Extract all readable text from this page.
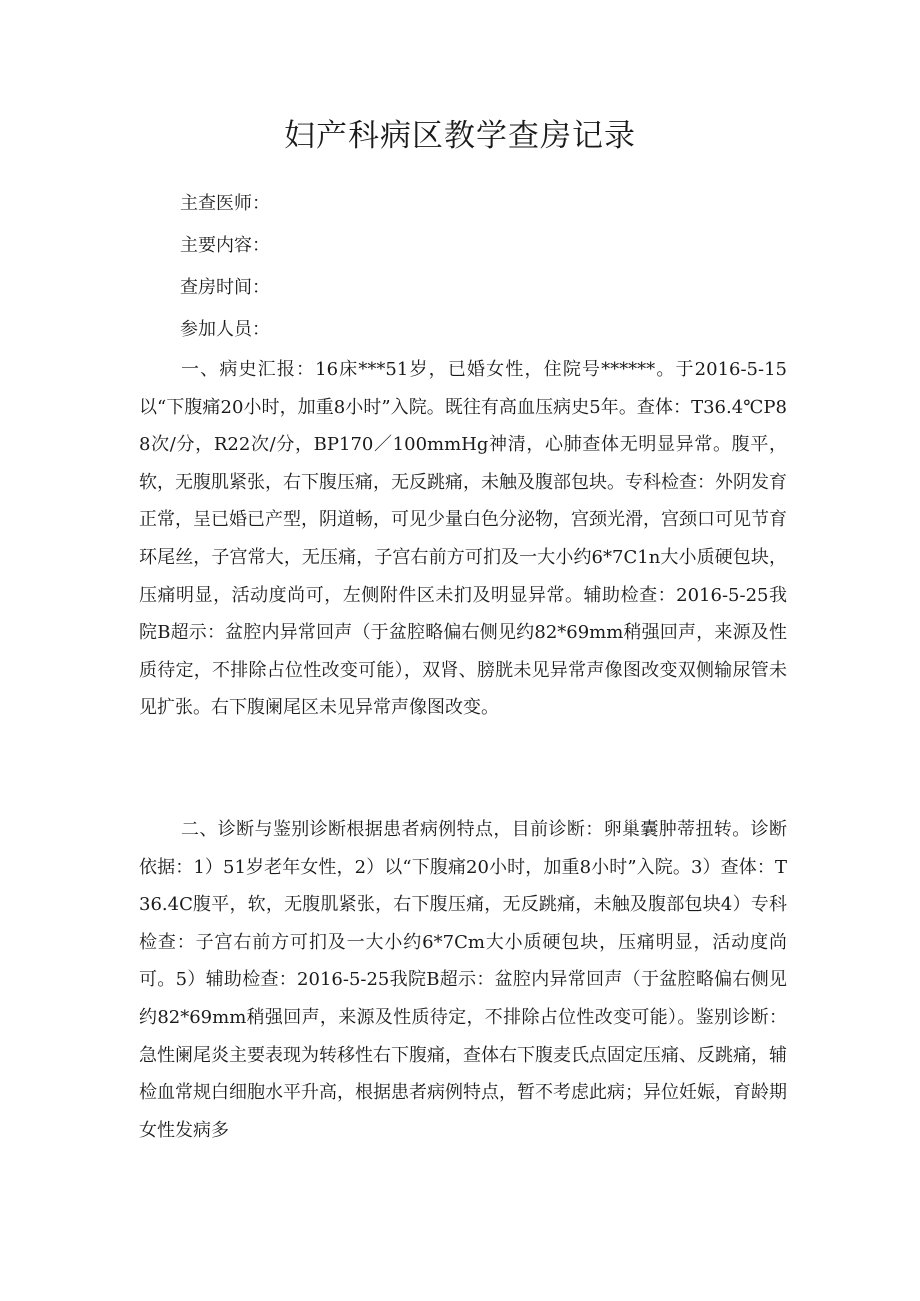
妇产科病区教学查房记录

主查医师：

主要内容：

查房时间：

参加人员：

一、病史汇报：16床***51岁，已婚女性，住院号******。于2016-5-15以“下腹痛20小时，加重8小时”入院。既往有高血压病史5年。查体：T36.4℃P88次/分，R22次/分，BP170／100mmHg神清，心肺查体无明显异常。腹平，软，无腹肌紧张，右下腹压痛，无反跳痛，未触及腹部包块。专科检查：外阴发育正常，呈已婚已产型，阴道畅，可见少量白色分泌物，宫颈光滑，宫颈口可见节育环尾丝，子宫常大，无压痛，子宫右前方可扪及一大小约6*7C1n大小质硬包块，压痛明显，活动度尚可，左侧附件区未扪及明显异常。辅助检查：2016-5-25我院B超示：盆腔内异常回声（于盆腔略偏右侧见约82*69mm稍强回声，来源及性质待定，不排除占位性改变可能），双肾、膀胱未见异常声像图改变双侧输尿管未见扩张。右下腹阑尾区未见异常声像图改变。

二、诊断与鉴别诊断根据患者病例特点，目前诊断：卵巢囊肿蒂扭转。诊断依据：1）51岁老年女性，2）以“下腹痛20小时，加重8小时”入院。3）查体：T36.4C腹平，软，无腹肌紧张，右下腹压痛，无反跳痛，未触及腹部包块4）专科检查：子宫右前方可扪及一大小约6*7Cm大小质硬包块，压痛明显，活动度尚可。5）辅助检查：2016-5-25我院B超示：盆腔内异常回声（于盆腔略偏右侧见约82*69mm稍强回声，来源及性质待定，不排除占位性改变可能）。鉴别诊断：急性阑尾炎主要表现为转移性右下腹痛，查体右下腹麦氏点固定压痛、反跳痛，辅检血常规白细胞水平升高，根据患者病例特点，暂不考虑此病；异位妊娠，育龄期女性发病多
